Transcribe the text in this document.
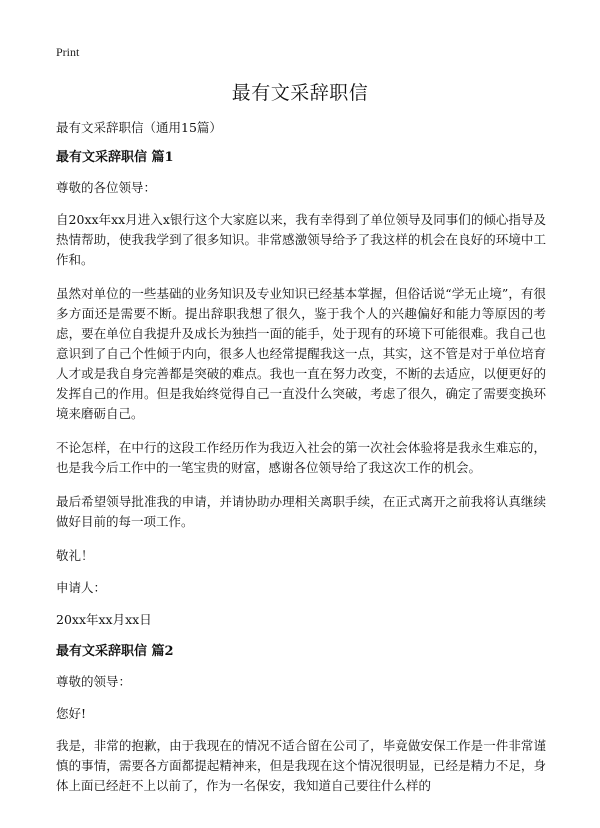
Print
最有文采辞职信

最有文采辞职信（通用15篇）

最有文采辞职信 篇1

尊敬的各位领导：

自20xx年xx月进入x银行这个大家庭以来，我有幸得到了单位领导及同事们的倾心指导及热情帮助，使我我学到了很多知识。非常感激领导给予了我这样的机会在良好的环境中工作和。

虽然对单位的一些基础的业务知识及专业知识已经基本掌握，但俗话说“学无止境”，有很多方面还是需要不断。提出辞职我想了很久，鉴于我个人的兴趣偏好和能力等原因的考虑，要在单位自我提升及成长为独挡一面的能手，处于现有的环境下可能很难。我自己也意识到了自己个性倾于内向，很多人也经常提醒我这一点，其实，这不管是对于单位培育人才或是我自身完善都是突破的难点。我也一直在努力改变，不断的去适应，以便更好的发挥自己的作用。但是我始终觉得自己一直没什么突破，考虑了很久，确定了需要变换环境来磨砺自己。

不论怎样，在中行的这段工作经历作为我迈入社会的第一次社会体验将是我永生难忘的，也是我今后工作中的一笔宝贵的财富，感谢各位领导给了我这次工作的机会。

最后希望领导批准我的申请，并请协助办理相关离职手续，在正式离开之前我将认真继续做好目前的每一项工作。

敬礼！

申请人：

20xx年xx月xx日

最有文采辞职信 篇2

尊敬的领导：

您好!

我是，非常的抱歉，由于我现在的情况不适合留在公司了，毕竟做安保工作是一件非常谨慎的事情，需要各方面都提起精神来，但是我现在这个情况很明显，已经是精力不足，身体上面已经赶不上以前了，作为一名保安，我知道自己要往什么样的
